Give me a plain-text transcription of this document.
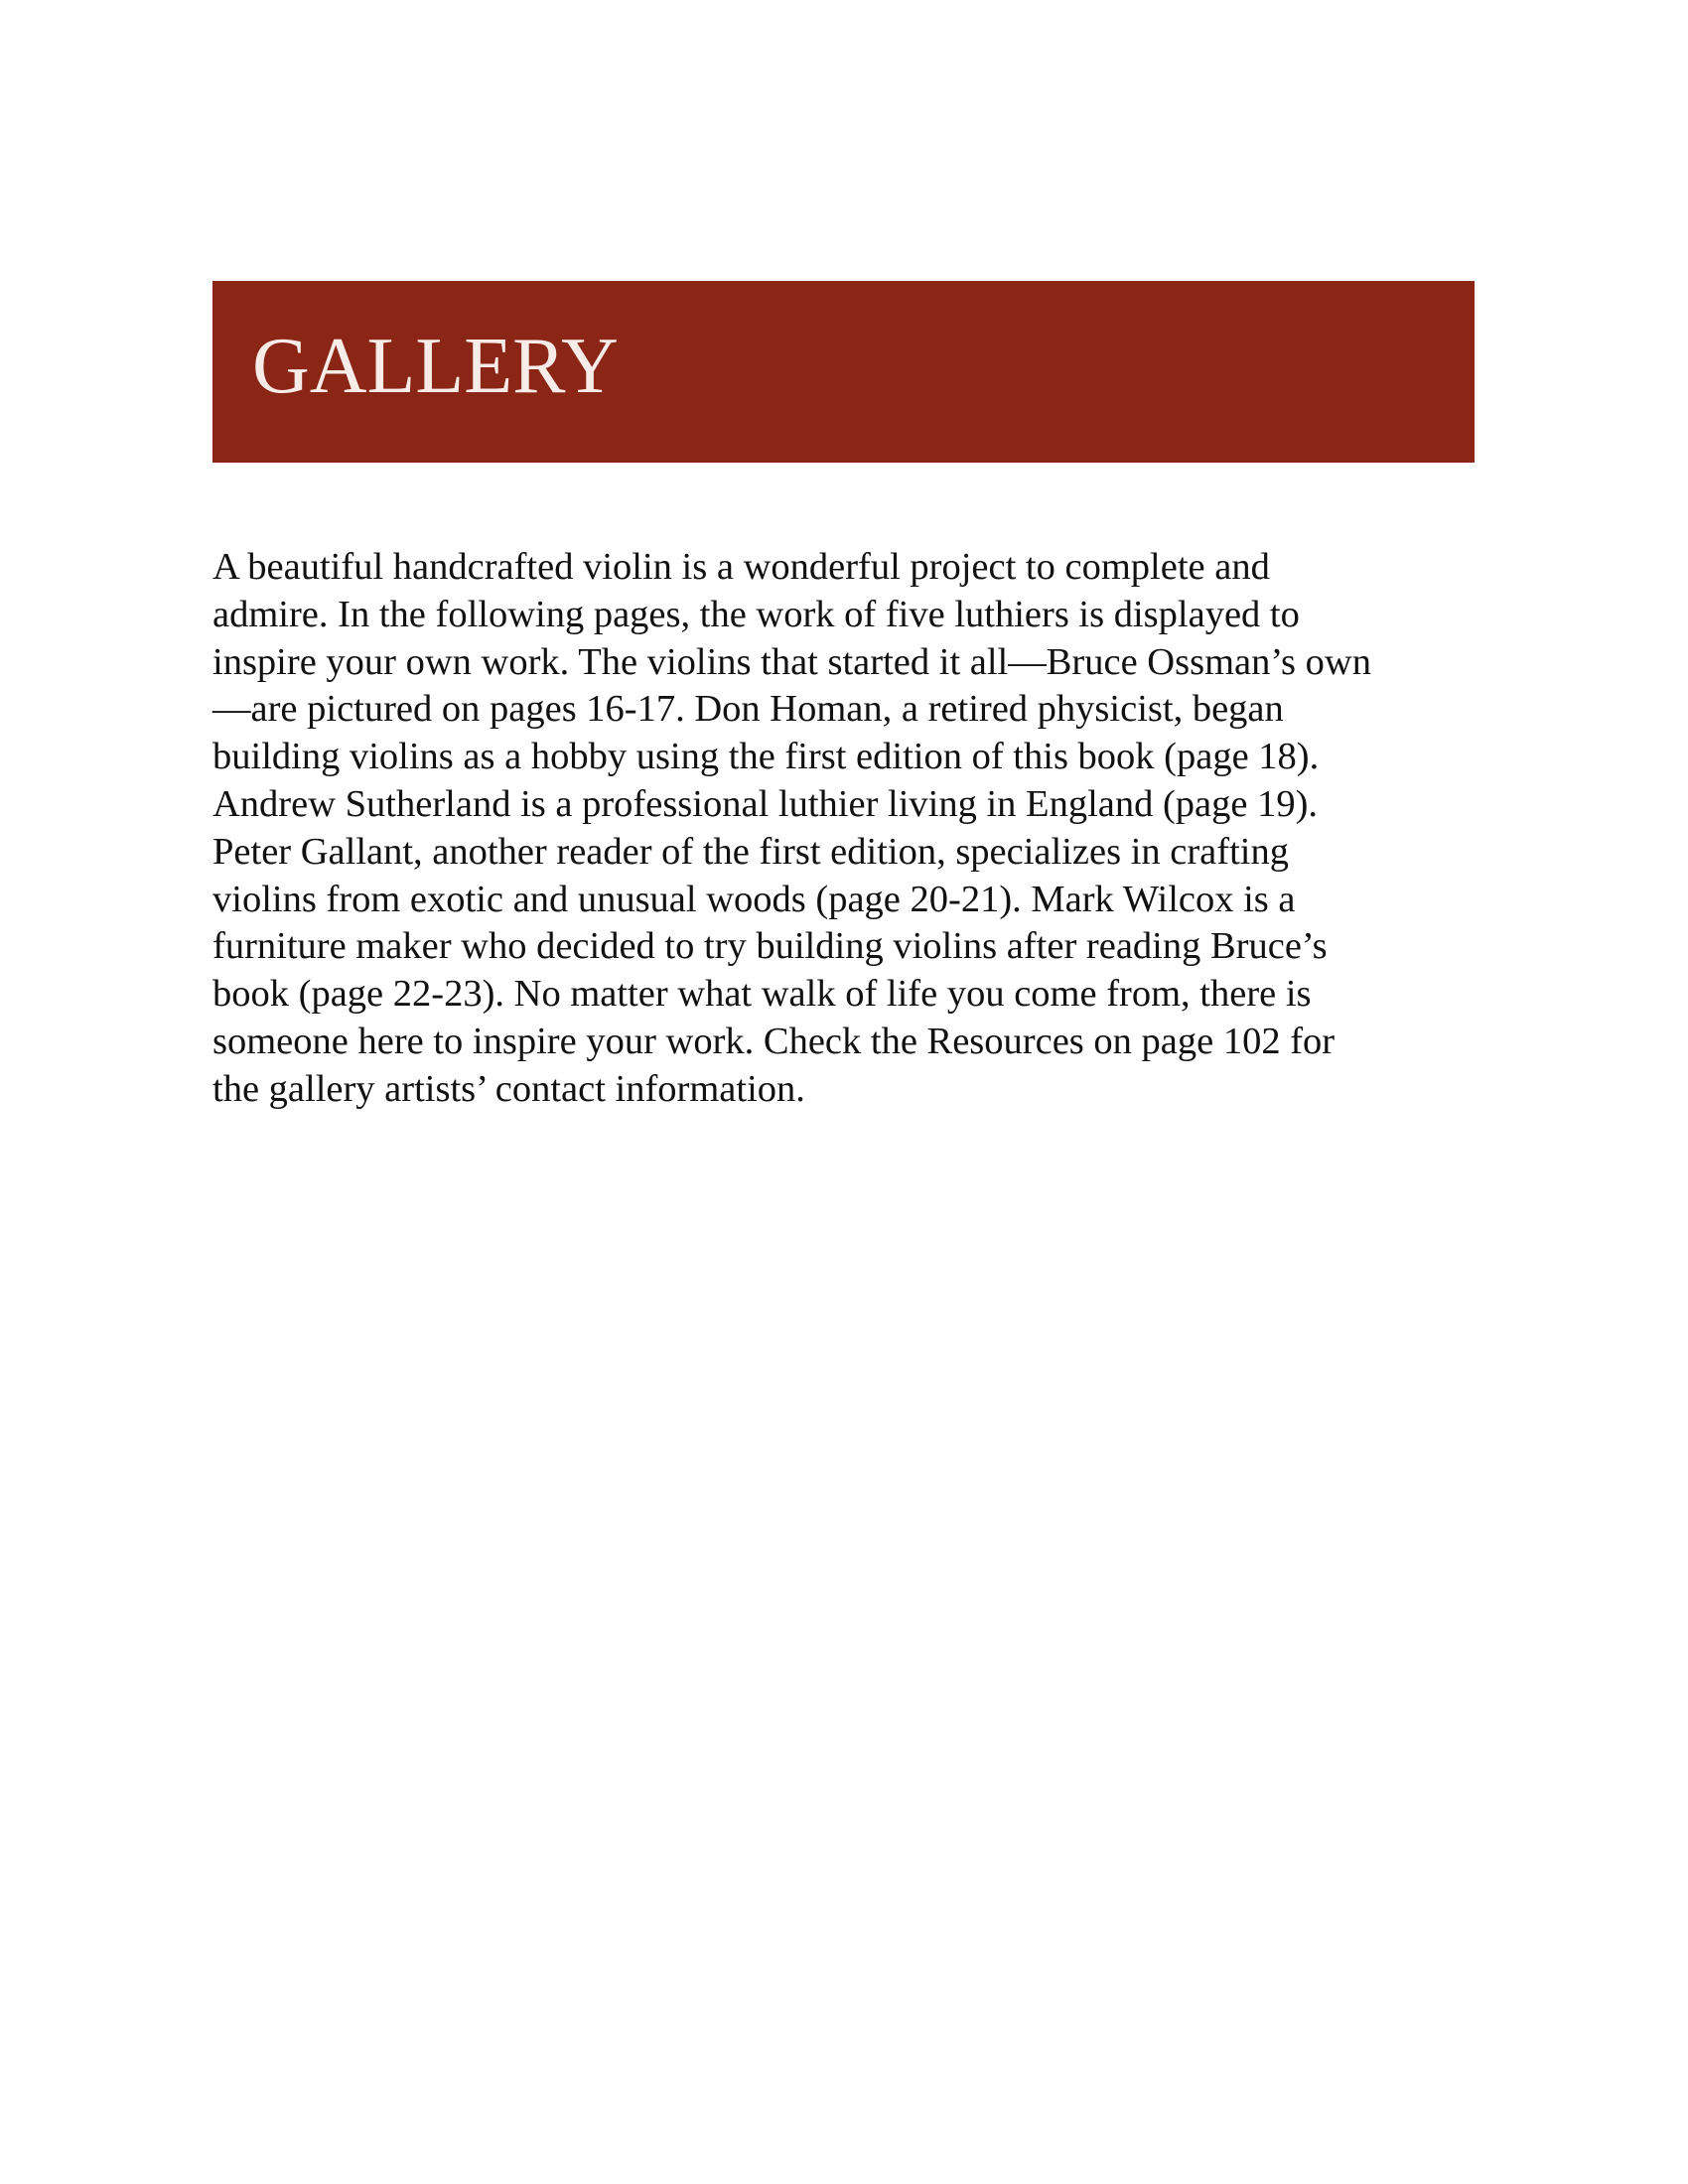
GALLERY

A beautiful handcrafted violin is a wonderful project to complete and
admire. In the following pages, the work of five luthiers is displayed to
inspire your own work. The violins that started it all—Bruce Ossman’s own
—are pictured on pages 16-17. Don Homan, a retired physicist, began
building violins as a hobby using the first edition of this book (page 18).
Andrew Sutherland is a professional luthier living in England (page 19).
Peter Gallant, another reader of the first edition, specializes in crafting
violins from exotic and unusual woods (page 20-21). Mark Wilcox is a
furniture maker who decided to try building violins after reading Bruce’s
book (page 22-23). No matter what walk of life you come from, there is
someone here to inspire your work. Check the Resources on page 102 for
the gallery artists’ contact information.
